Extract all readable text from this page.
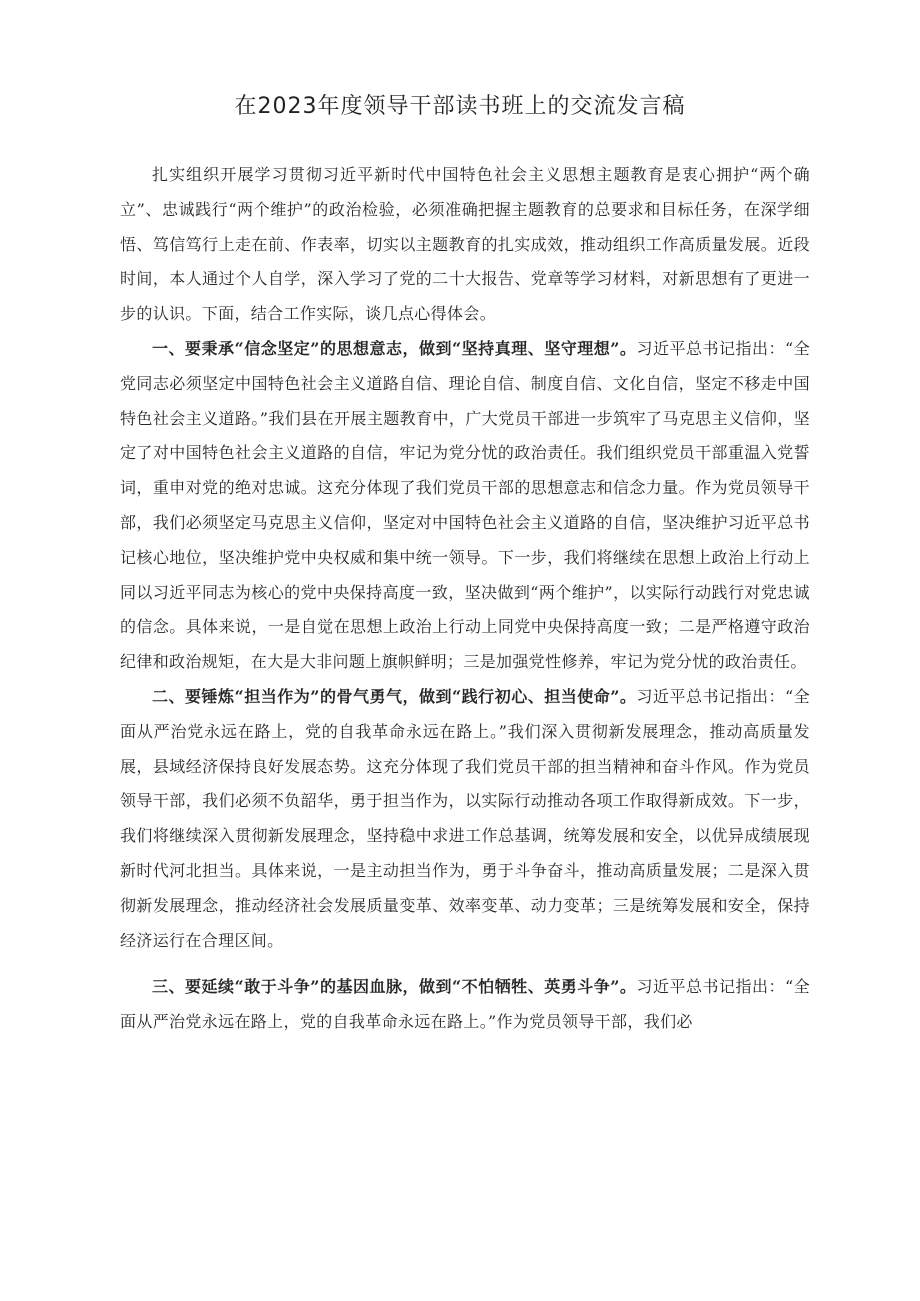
在2023年度领导干部读书班上的交流发言稿

扎实组织开展学习贯彻习近平新时代中国特色社会主义思想主题教育是衷心拥护“两个确立”、忠诚践行“两个维护”的政治检验，必须准确把握主题教育的总要求和目标任务，在深学细悟、笃信笃行上走在前、作表率，切实以主题教育的扎实成效，推动组织工作高质量发展。近段时间，本人通过个人自学，深入学习了党的二十大报告、党章等学习材料，对新思想有了更进一步的认识。下面，结合工作实际，谈几点心得体会。

一、要秉承“信念坚定”的思想意志，做到“坚持真理、坚守理想”。习近平总书记指出：“全党同志必须坚定中国特色社会主义道路自信、理论自信、制度自信、文化自信，坚定不移走中国特色社会主义道路。”我们县在开展主题教育中，广大党员干部进一步筑牢了马克思主义信仰，坚定了对中国特色社会主义道路的自信，牢记为党分忧的政治责任。我们组织党员干部重温入党誓词，重申对党的绝对忠诚。这充分体现了我们党员干部的思想意志和信念力量。作为党员领导干部，我们必须坚定马克思主义信仰，坚定对中国特色社会主义道路的自信，坚决维护习近平总书记核心地位，坚决维护党中央权威和集中统一领导。下一步，我们将继续在思想上政治上行动上同以习近平同志为核心的党中央保持高度一致，坚决做到“两个维护”，以实际行动践行对党忠诚的信念。具体来说，一是自觉在思想上政治上行动上同党中央保持高度一致；二是严格遵守政治纪律和政治规矩，在大是大非问题上旗帜鲜明；三是加强党性修养，牢记为党分忧的政治责任。

二、要锤炼“担当作为”的骨气勇气，做到“践行初心、担当使命”。习近平总书记指出：“全面从严治党永远在路上，党的自我革命永远在路上。”我们深入贯彻新发展理念，推动高质量发展，县域经济保持良好发展态势。这充分体现了我们党员干部的担当精神和奋斗作风。作为党员领导干部，我们必须不负韶华，勇于担当作为，以实际行动推动各项工作取得新成效。下一步，我们将继续深入贯彻新发展理念，坚持稳中求进工作总基调，统筹发展和安全，以优异成绩展现新时代河北担当。具体来说，一是主动担当作为，勇于斗争奋斗，推动高质量发展；二是深入贯彻新发展理念，推动经济社会发展质量变革、效率变革、动力变革；三是统筹发展和安全，保持经济运行在合理区间。

三、要延续“敢于斗争”的基因血脉，做到“不怕牺牲、英勇斗争”。习近平总书记指出：“全面从严治党永远在路上，党的自我革命永远在路上。”作为党员领导干部，我们必
